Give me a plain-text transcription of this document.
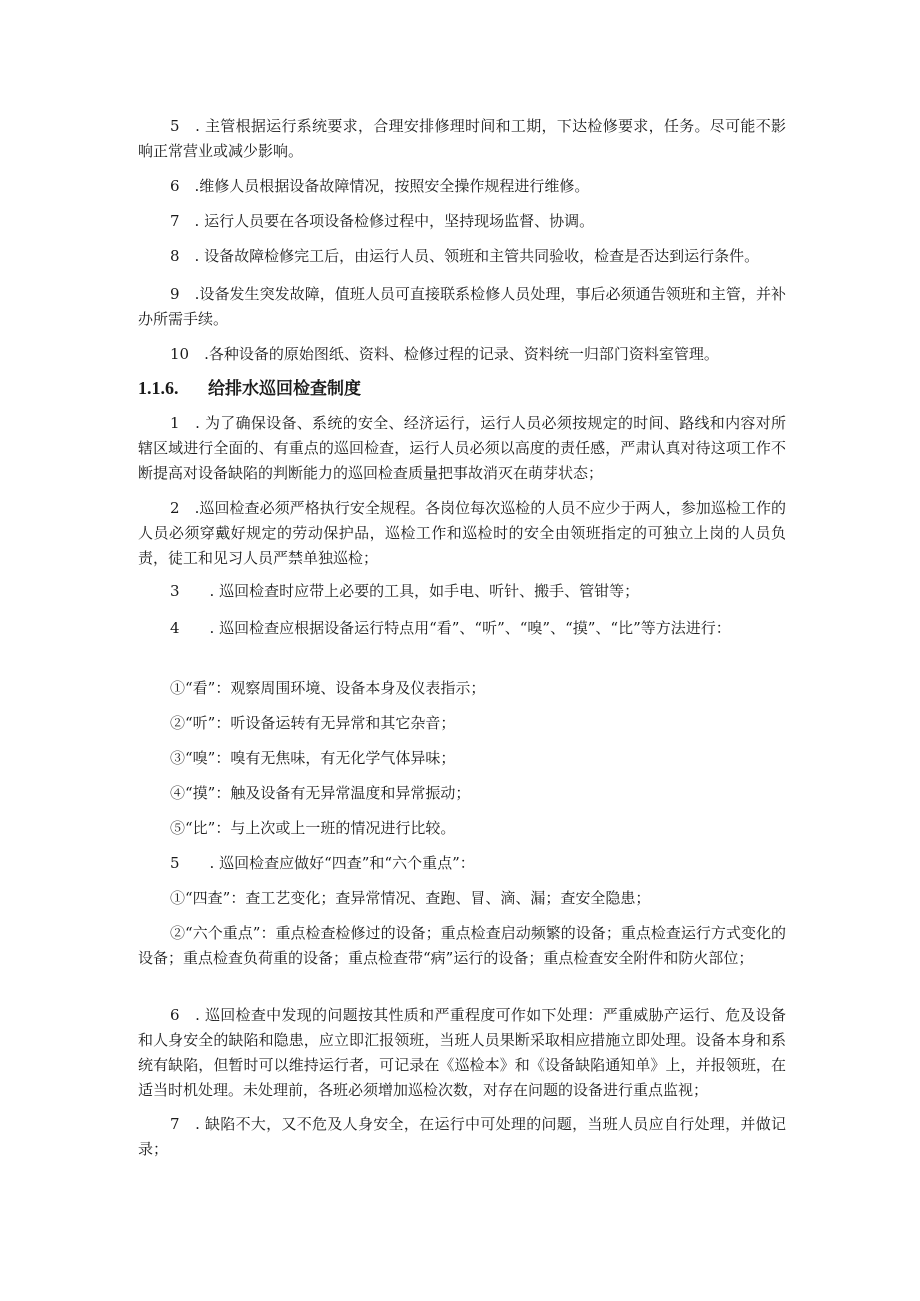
5　. 主管根据运行系统要求，合理安排修理时间和工期，下达检修要求，任务。尽可能不影响正常营业或减少影响。

6　.维修人员根据设备故障情况，按照安全操作规程进行维修。

7　. 运行人员要在各项设备检修过程中，坚持现场监督、协调。

8　. 设备故障检修完工后，由运行人员、领班和主管共同验收，检查是否达到运行条件。

9　.设备发生突发故障，值班人员可直接联系检修人员处理，事后必须通告领班和主管，并补办所需手续。

10　.各种设备的原始图纸、资料、检修过程的记录、资料统一归部门资料室管理。

1.1.6. 给排水巡回检查制度

1　. 为了确保设备、系统的安全、经济运行，运行人员必须按规定的时间、路线和内容对所辖区域进行全面的、有重点的巡回检查，运行人员必须以高度的责任感，严肃认真对待这项工作不断提高对设备缺陷的判断能力的巡回检查质量把事故消灭在萌芽状态；

2　.巡回检查必须严格执行安全规程。各岗位每次巡检的人员不应少于两人，参加巡检工作的人员必须穿戴好规定的劳动保护品，巡检工作和巡检时的安全由领班指定的可独立上岗的人员负责，徒工和见习人员严禁单独巡检；

3　　. 巡回检查时应带上必要的工具，如手电、听针、搬手、管钳等；

4　　. 巡回检查应根据设备运行特点用“看”、“听”、“嗅”、“摸”、“比”等方法进行：

①“看”：观察周围环境、设备本身及仪表指示；

②“听”：听设备运转有无异常和其它杂音；

③“嗅”：嗅有无焦味，有无化学气体异味；

④“摸”：触及设备有无异常温度和异常振动；

⑤“比”：与上次或上一班的情况进行比较。

5　　. 巡回检查应做好“四查”和“六个重点”：

①“四查”：查工艺变化；查异常情况、查跑、冒、滴、漏；查安全隐患；

②“六个重点”：重点检查检修过的设备；重点检查启动频繁的设备；重点检查运行方式变化的设备；重点检查负荷重的设备；重点检查带“病”运行的设备；重点检查安全附件和防火部位；

6　. 巡回检查中发现的问题按其性质和严重程度可作如下处理：严重威胁产运行、危及设备和人身安全的缺陷和隐患，应立即汇报领班，当班人员果断采取相应措施立即处理。设备本身和系统有缺陷，但暂时可以维持运行者，可记录在《巡检本》和《设备缺陷通知单》上，并报领班，在适当时机处理。未处理前，各班必须增加巡检次数，对存在问题的设备进行重点监视；

7　. 缺陷不大，又不危及人身安全，在运行中可处理的问题，当班人员应自行处理，并做记录；
